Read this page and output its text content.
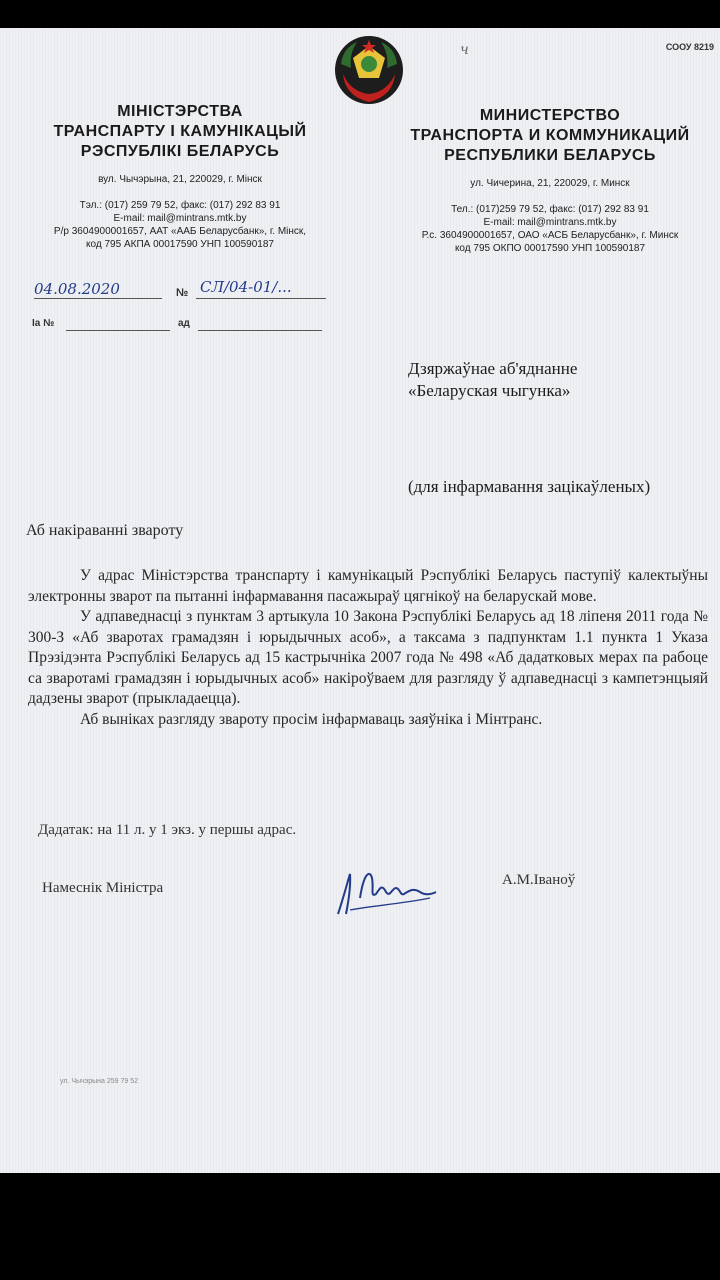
СООУ 8219
ч
МІНІСТЭРСТВА
ТРАНСПАРТУ І КАМУНІКАЦЫЙ
РЭСПУБЛІКІ БЕЛАРУСЬ
вул. Чычэрына, 21, 220029, г. Мінск
Тэл.: (017) 259 79 52, факс: (017) 292 83 91
E-mail: mail@mintrans.mtk.by
Р/р 3604900001657, ААТ «ААБ Беларусбанк», г. Мінск,
код 795 АКПА 00017590 УНП 100590187
МИНИСТЕРСТВО
ТРАНСПОРТА И КОММУНИКАЦИЙ
РЕСПУБЛИКИ БЕЛАРУСЬ
ул. Чичерина, 21, 220029, г. Минск
Тел.: (017)259 79 52, факс: (017) 292 83 91
E-mail: mail@mintrans.mtk.by
Р.с. 3604900001657, ОАО «АСБ Беларусбанк», г. Минск
код 795 ОКПО 00017590 УНП 100590187
04.08.2020	№ СЛ/04-01/...
Іа №	ад
Дзяржаўнае аб'яднанне
«Беларуская чыгунка»
(для інфармавання зацікаўленых)
Аб накіраванні звароту

У адрас Міністэрства транспарту і камунікацый Рэспублікі Беларусь паступіў калектыўны электронны зварот па пытанні інфармавання пасажыраў цягнікоў на беларускай мове.

У адпаведнасці з пунктам 3 артыкула 10 Закона Рэспублікі Беларусь ад 18 ліпеня 2011 года № 300-З «Аб зваротах грамадзян і юрыдычных асоб», а таксама з падпунктам 1.1 пункта 1 Указа Прэзідэнта Рэспублікі Беларусь ад 15 кастрычніка 2007 года № 498 «Аб дадатковых мерах па рабоце са зваротамі грамадзян і юрыдычных асоб» накіроўваем для разгляду ў адпаведнасці з кампетэнцыяй дадзены зварот (прыкладаецца).

Аб выніках разгляду звароту просім інфармаваць заяўніка і Мінтранс.

Дадатак: на 11 л. у 1 экз. у першы адрас.
Намеснік Міністра	А.М.Іваноў
ул. Чычэрына 259 79 52
